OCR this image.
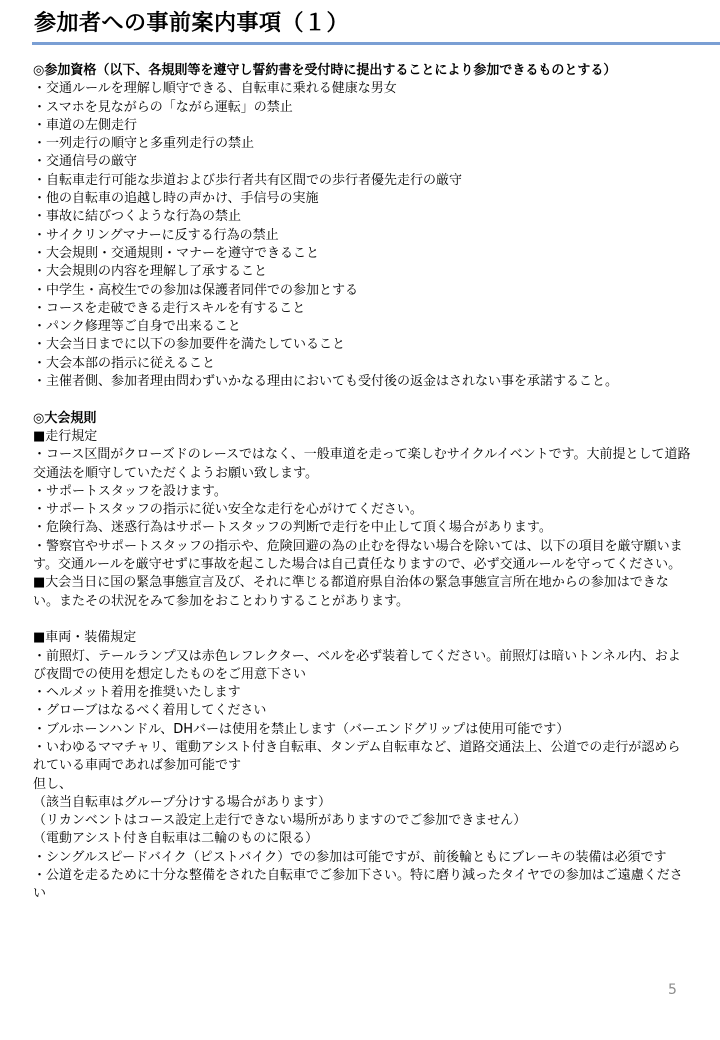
参加者への事前案内事項（１）
◎参加資格（以下、各規則等を遵守し誓約書を受付時に提出することにより参加できるものとする）
・交通ルールを理解し順守できる、自転車に乗れる健康な男女
・スマホを見ながらの「ながら運転」の禁止
・車道の左側走行
・一列走行の順守と多重列走行の禁止
・交通信号の厳守
・自転車走行可能な歩道および歩行者共有区間での歩行者優先走行の厳守
・他の自転車の追越し時の声かけ、手信号の実施
・事故に結びつくような行為の禁止
・サイクリングマナーに反する行為の禁止
・大会規則・交通規則・マナーを遵守できること
・大会規則の内容を理解し了承すること
・中学生・高校生での参加は保護者同伴での参加とする
・コースを走破できる走行スキルを有すること
・パンク修理等ご自身で出来ること
・大会当日までに以下の参加要件を満たしていること
・大会本部の指示に従えること
・主催者側、参加者理由問わずいかなる理由においても受付後の返金はされない事を承諾すること。
◎大会規則
■走行規定
・コース区間がクローズドのレースではなく、一般車道を走って楽しむサイクルイベントです。大前提として道路交通法を順守していただくようお願い致します。
・サポートスタッフを設けます。
・サポートスタッフの指示に従い安全な走行を心がけてください。
・危険行為、迷惑行為はサポートスタッフの判断で走行を中止して頂く場合があります。
・警察官やサポートスタッフの指示や、危険回避の為の止むを得ない場合を除いては、以下の項目を厳守願います。交通ルールを厳守せずに事故を起こした場合は自己責任なりますので、必ず交通ルールを守ってください。
■大会当日に国の緊急事態宣言及び、それに準じる都道府県自治体の緊急事態宣言所在地からの参加はできない。またその状況をみて参加をおことわりすることがあります。
■車両・装備規定
・前照灯、テールランプ又は赤色レフレクター、ベルを必ず装着してください。前照灯は暗いトンネル内、および夜間での使用を想定したものをご用意下さい
・ヘルメット着用を推奨いたします
・グローブはなるべく着用してください
・ブルホーンハンドル、DHバーは使用を禁止します（バーエンドグリップは使用可能です）
・いわゆるママチャリ、電動アシスト付き自転車、タンデム自転車など、道路交通法上、公道での走行が認められている車両であれば参加可能です
但し、
（該当自転車はグループ分けする場合があります）
（リカンベントはコース設定上走行できない場所がありますのでご参加できません）
（電動アシスト付き自転車は二輪のものに限る）
・シングルスピードバイク（ピストバイク）での参加は可能ですが、前後輪ともにブレーキの装備は必須です
・公道を走るために十分な整備をされた自転車でご参加下さい。特に磨り減ったタイヤでの参加はご遠慮ください
5
